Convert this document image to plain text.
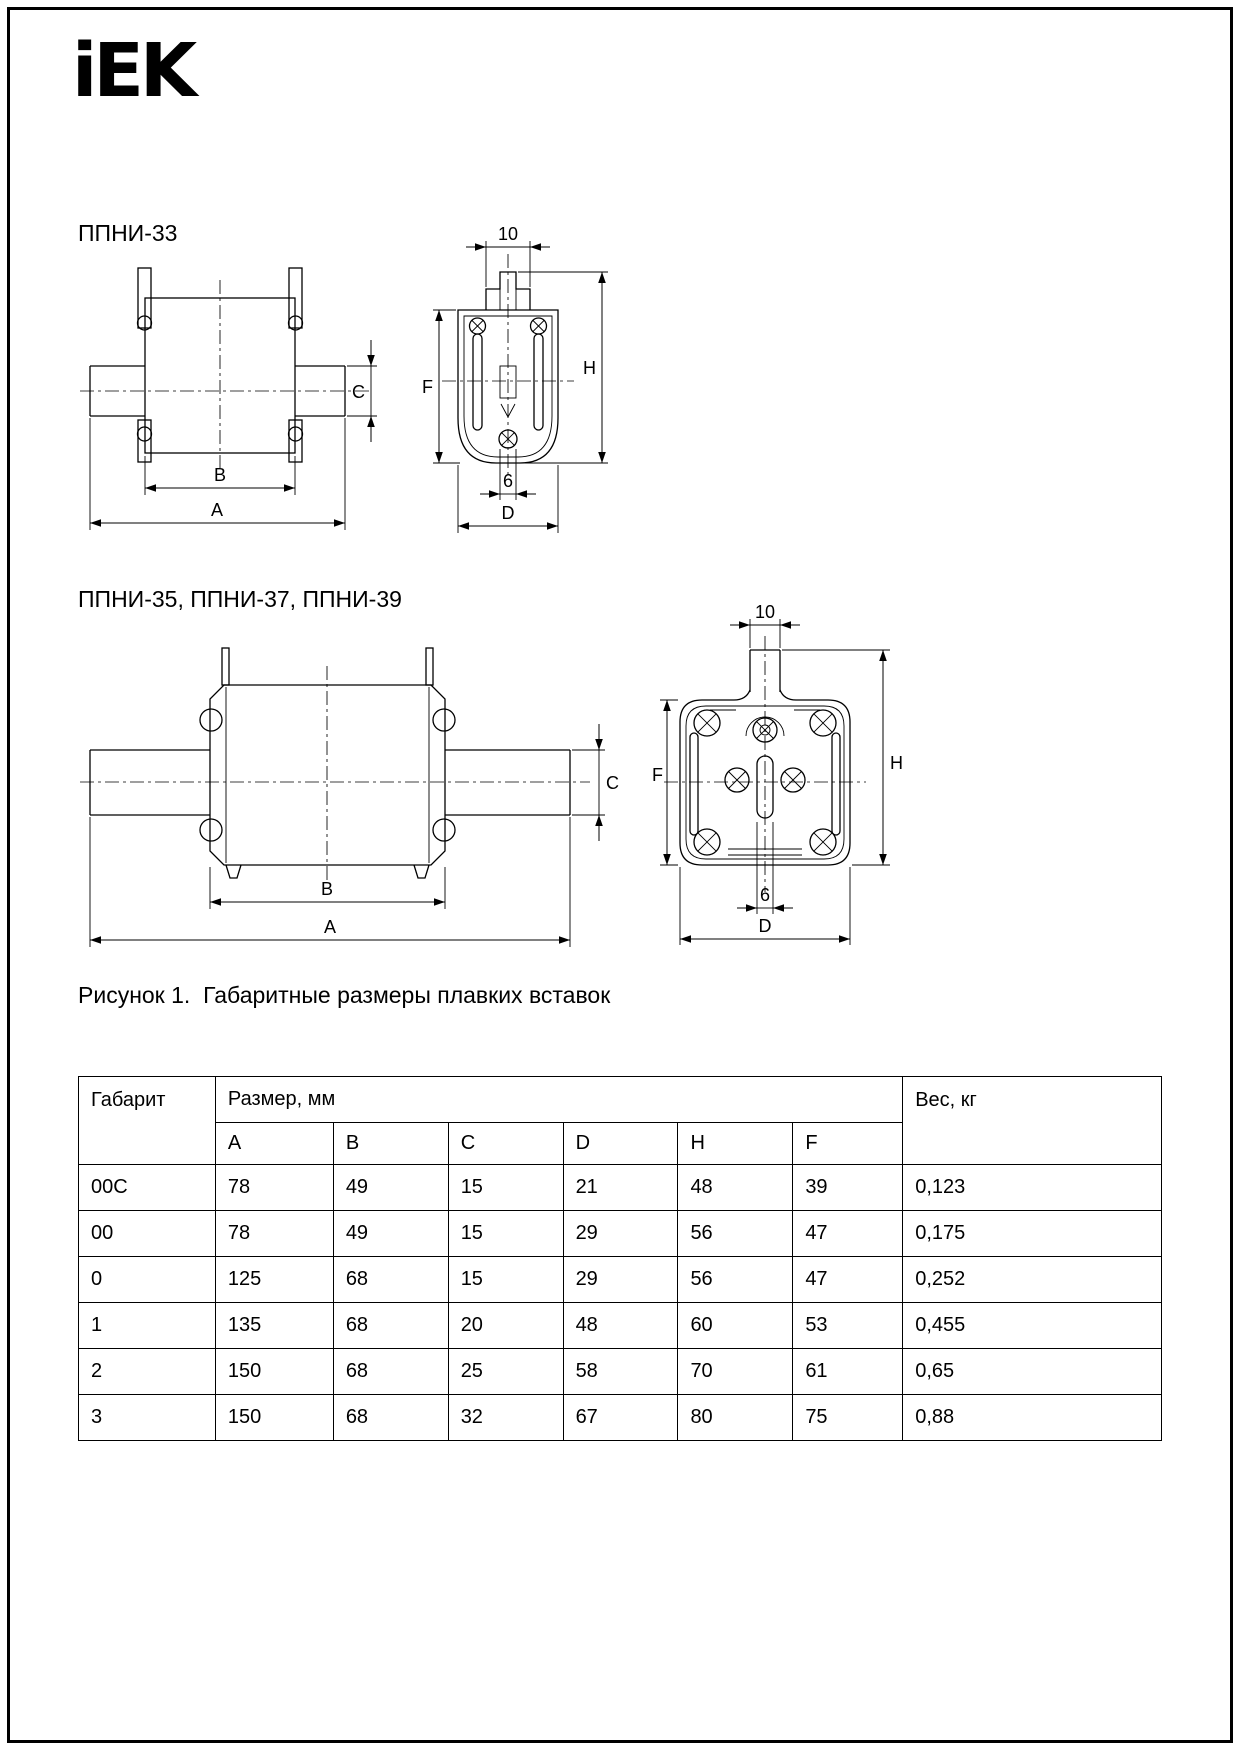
iEK
ППНИ-33
ППНИ-35, ППНИ-37, ППНИ-39
C
B
A
10
F
H
6
D
C
B
A
10
F
H
6
D
Рисунок 1.  Габаритные размеры плавких вставок
Габарит	Размер, мм						Вес, кг
	A	B	C	D	H	F	
00C	78	49	15	21	48	39	0,123
00	78	49	15	29	56	47	0,175
0	125	68	15	29	56	47	0,252
1	135	68	20	48	60	53	0,455
2	150	68	25	58	70	61	0,65
3	150	68	32	67	80	75	0,88
